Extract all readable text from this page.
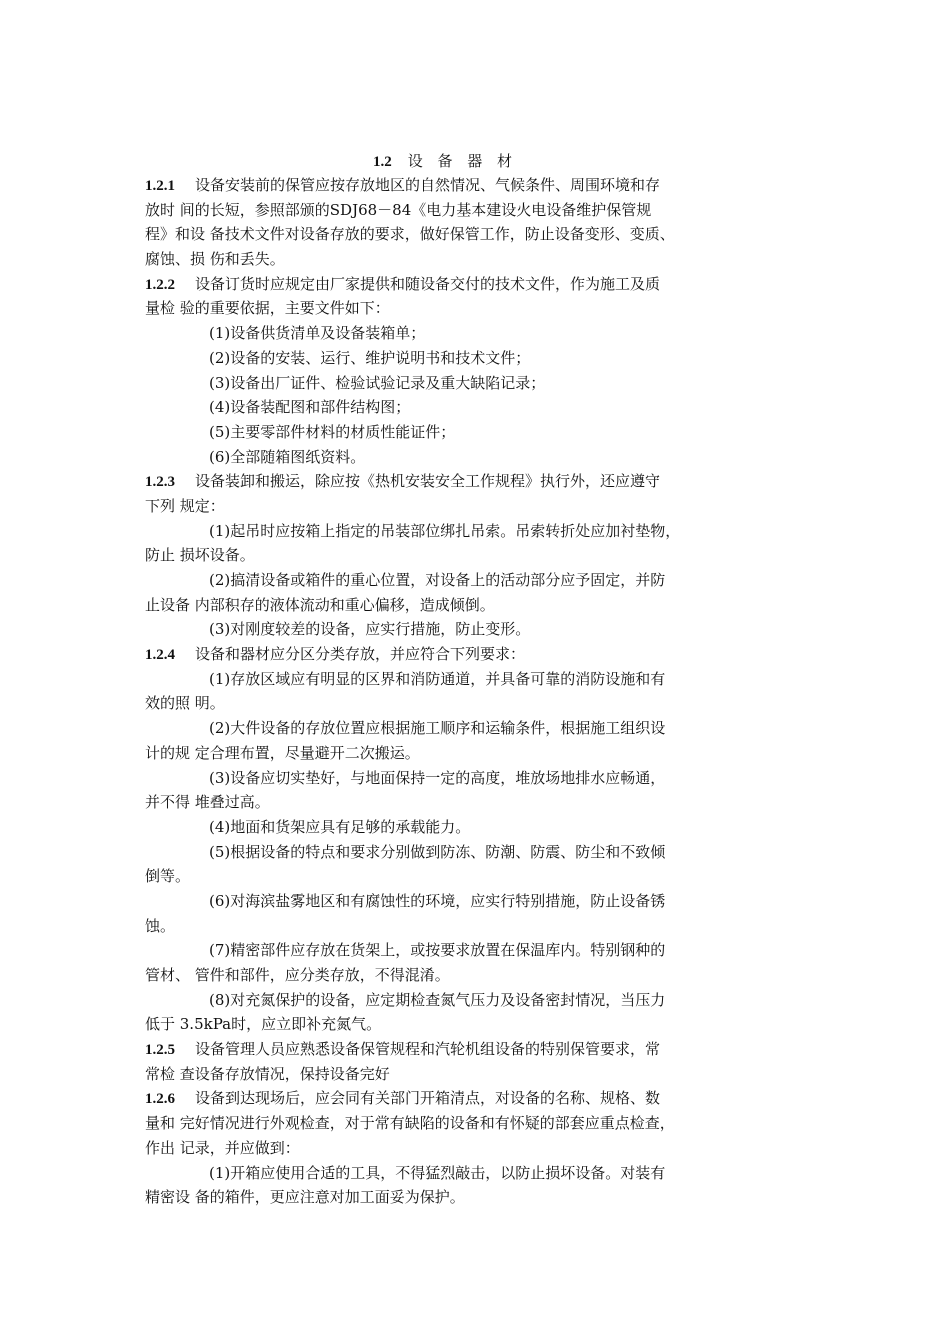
1.2 设 备 器 材
1.2.1 设备安装前的保管应按存放地区的自然情况、气候条件、周围环境和存
放时 间的长短，参照部颁的SDJ68－84《电力基本建设火电设备维护保管规
程》和设 备技术文件对设备存放的要求，做好保管工作，防止设备变形、变质、
腐蚀、损 伤和丢失。
1.2.2 设备订货时应规定由厂家提供和随设备交付的技术文件，作为施工及质
量检 验的重要依据，主要文件如下：
(1)设备供货清单及设备装箱单；
(2)设备的安装、运行、维护说明书和技术文件；
(3)设备出厂证件、检验试验记录及重大缺陷记录；
(4)设备装配图和部件结构图；
(5)主要零部件材料的材质性能证件；
(6)全部随箱图纸资料。
1.2.3 设备装卸和搬运，除应按《热机安装安全工作规程》执行外，还应遵守
下列 规定：
(1)起吊时应按箱上指定的吊装部位绑扎吊索。吊索转折处应加衬垫物，
防止 损坏设备。
(2)搞清设备或箱件的重心位置，对设备上的活动部分应予固定，并防
止设备 内部积存的液体流动和重心偏移，造成倾倒。
(3)对刚度较差的设备，应实行措施，防止变形。
1.2.4 设备和器材应分区分类存放，并应符合下列要求：
(1)存放区域应有明显的区界和消防通道，并具备可靠的消防设施和有
效的照 明。
(2)大件设备的存放位置应根据施工顺序和运输条件，根据施工组织设
计的规 定合理布置，尽量避开二次搬运。
(3)设备应切实垫好，与地面保持一定的高度，堆放场地排水应畅通，
并不得 堆叠过高。
(4)地面和货架应具有足够的承载能力。
(5)根据设备的特点和要求分别做到防冻、防潮、防震、防尘和不致倾
倒等。
(6)对海滨盐雾地区和有腐蚀性的环境，应实行特别措施，防止设备锈
蚀。
(7)精密部件应存放在货架上，或按要求放置在保温库内。特别钢种的
管材、 管件和部件，应分类存放，不得混淆。
(8)对充氮保护的设备，应定期检查氮气压力及设备密封情况，当压力
低于 3.5kPa时，应立即补充氮气。
1.2.5 设备管理人员应熟悉设备保管规程和汽轮机组设备的特别保管要求，常
常检 查设备存放情况，保持设备完好
1.2.6 设备到达现场后，应会同有关部门开箱清点，对设备的名称、规格、数
量和 完好情况进行外观检查，对于常有缺陷的设备和有怀疑的部套应重点检查，
作出 记录，并应做到：
(1)开箱应使用合适的工具，不得猛烈敲击，以防止损坏设备。对装有
精密设 备的箱件，更应注意对加工面妥为保护。
